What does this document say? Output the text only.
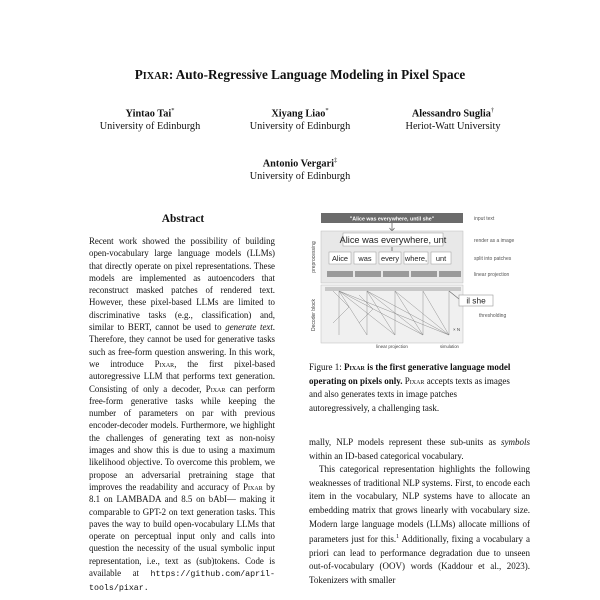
PIXAR: Auto-Regressive Language Modeling in Pixel Space
Yintao Tai*
University of Edinburgh
Xiyang Liao*
University of Edinburgh
Alessandro Suglia†
Heriot-Watt University
Antonio Vergari‡
University of Edinburgh
Abstract
Recent work showed the possibility of building open-vocabulary large language models (LLMs) that directly operate on pixel representations. These models are implemented as autoencoders that reconstruct masked patches of rendered text. However, these pixel-based LLMs are limited to discriminative tasks (e.g., classification) and, similar to BERT, cannot be used to generate text. Therefore, they cannot be used for generative tasks such as free-form question answering. In this work, we introduce Pixar, the first pixel-based autoregressive LLM that performs text generation. Consisting of only a decoder, Pixar can perform free-form generative tasks while keeping the number of parameters on par with previous encoder-decoder models. Furthermore, we highlight the challenges of generating text as non-noisy images and show this is due to using a maximum likelihood objective. To overcome this problem, we propose an adversarial pretraining stage that improves the readability and accuracy of Pixar by 8.1 on LAMBADA and 8.5 on bAbI— making it comparable to GPT-2 on text generation tasks. This paves the way to build open-vocabulary LLMs that operate on perceptual input only and calls into question the necessity of the usual symbolic input representation, i.e., text as (sub)tokens. Code is available at https://github.com/april-tools/pixar.
"Alice was everywhere, until she"	input text
preprocessing
Alice was everywhere, unt	render as a image
Alice was every where, unt	split into patches
linear projection
Decoder block	× N
il she
thresholding
linear projection	simulation
Figure 1: Pixar is the first generative language model operating on pixels only. Pixar accepts texts as images and also generates texts in image patches autoregressively, a challenging task.

mally, NLP models represent these sub-units as symbols within an ID-based categorical vocabulary.

This categorical representation highlights the following weaknesses of traditional NLP systems. First, to encode each item in the vocabulary, NLP systems have to allocate an embedding matrix that grows linearly with vocabulary size. Modern large language models (LLMs) allocate millions of parameters just for this.$^1$ Additionally, fixing a vocabulary a priori can lead to performance degradation due to unseen out-of-vocabulary (OOV) words (Kaddour et al., 2023). Tokenizers with smaller
